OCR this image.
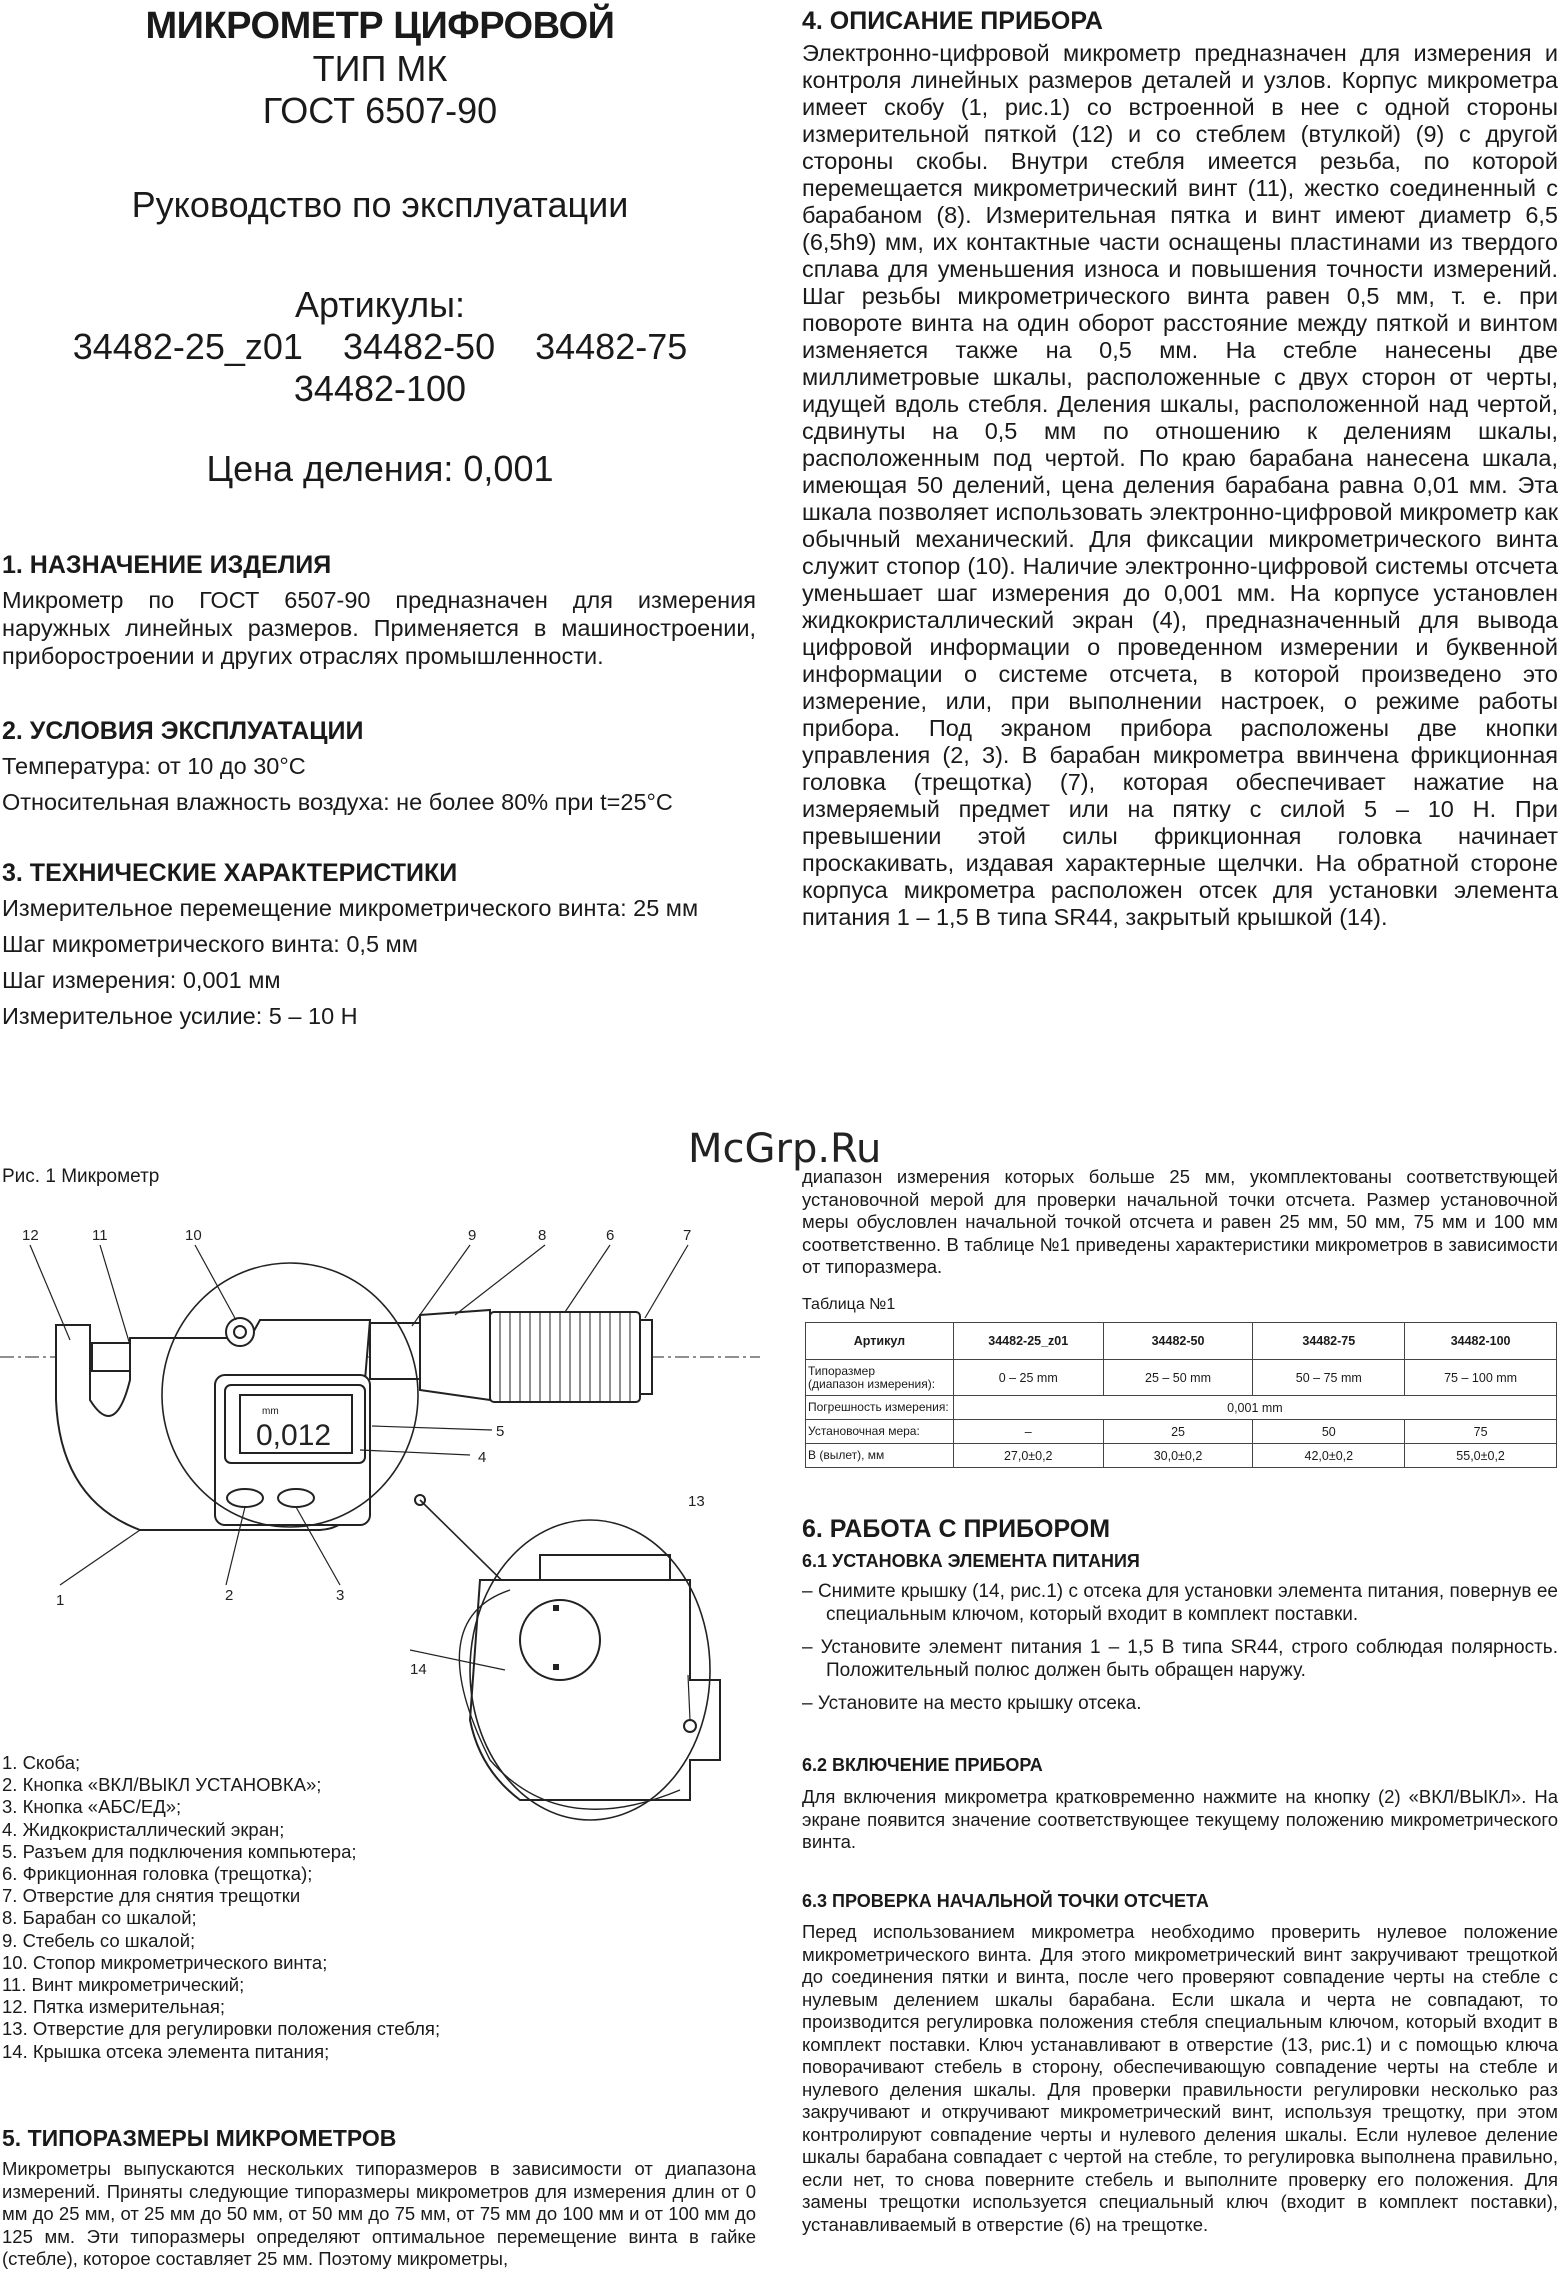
МИКРОМЕТР ЦИФРОВОЙ
ТИП МК
ГОСТ 6507-90
Руководство по эксплуатации
Артикулы:
34482-25_z01    34482-50    34482-75
34482-100
Цена деления: 0,001
1. НАЗНАЧЕНИЕ ИЗДЕЛИЯ
Микрометр по ГОСТ 6507-90 предназначен для измерения наружных линейных размеров. Применяется в машиностроении, приборостроении и других отраслях промышленности.
2. УСЛОВИЯ ЭКСПЛУАТАЦИИ
Температура: от 10 до 30°С
Относительная влажность воздуха: не более 80% при t=25°С
3. ТЕХНИЧЕСКИЕ ХАРАКТЕРИСТИКИ
Измерительное перемещение микрометрического винта: 25 мм
Шаг микрометрического винта: 0,5 мм
Шаг измерения: 0,001 мм
Измерительное усилие: 5 – 10 Н
4. ОПИСАНИЕ ПРИБОРА
Электронно-цифровой микрометр предназначен для измерения и контроля линейных размеров деталей и узлов. Корпус микрометра имеет скобу (1, рис.1) со встроенной в нее с одной стороны измерительной пяткой (12) и со стеблем (втулкой) (9) с другой стороны скобы. Внутри стебля имеется резьба, по которой перемещается микрометрический винт (11), жестко соединенный с барабаном (8). Измерительная пятка и винт имеют диаметр 6,5 (6,5h9) мм, их контактные части оснащены пластинами из твердого сплава для уменьшения износа и повышения точности измерений. Шаг резьбы микрометрического винта равен 0,5 мм, т. е. при повороте винта на один оборот расстояние между пяткой и винтом изменяется также на 0,5 мм. На стебле нанесены две миллиметровые шкалы, расположенные с двух сторон от черты, идущей вдоль стебля. Деления шкалы, расположенной над чертой, сдвинуты на 0,5 мм по отношению к делениям шкалы, расположенным под чертой. По краю барабана нанесена шкала, имеющая 50 делений, цена деления барабана равна 0,01 мм. Эта шкала позволяет использовать электронно-цифровой микрометр как обычный механический. Для фиксации микрометрического винта служит стопор (10). Наличие электронно-цифровой системы отсчета уменьшает шаг измерения до 0,001 мм. На корпусе установлен жидкокристаллический экран (4), предназначенный для вывода цифровой информации о проведенном измерении и буквенной информации о системе отсчета, в которой произведено это измерение, или, при выполнении настроек, о режиме работы прибора. Под экраном прибора расположены две кнопки управления (2, 3). В барабан микрометра ввинчена фрикционная головка (трещотка) (7), которая обеспечивает нажатие на измеряемый предмет или на пятку с силой 5 – 10 Н. При превышении этой силы фрикционная головка начинает проскакивать, издавая характерные щелчки. На обратной стороне корпуса микрометра расположен отсек для установки элемента питания 1 – 1,5 В типа SR44, закрытый крышкой (14).
McGrp.Ru
Рис. 1 Микрометр
12	11	10	9	8	6	7
5
4
13
1	2	3
14
mm
0,012
1. Скоба;
2. Кнопка «ВКЛ/ВЫКЛ УСТАНОВКА»;
3. Кнопка «АБС/ЕД»;
4. Жидкокристаллический экран;
5. Разъем для подключения компьютера;
6. Фрикционная головка (трещотка);
7. Отверстие для снятия трещотки
8. Барабан со шкалой;
9. Стебель со шкалой;
10. Стопор микрометрического винта;
11. Винт микрометрический;
12. Пятка измерительная;
13. Отверстие для регулировки положения стебля;
14. Крышка отсека элемента питания;
5. ТИПОРАЗМЕРЫ МИКРОМЕТРОВ
Микрометры выпускаются нескольких типоразмеров в зависимости от диапазона измерений. Приняты следующие типоразмеры микрометров для измерения длин от 0 мм до 25 мм, от 25 мм до 50 мм, от 50 мм до 75 мм, от 75 мм до 100 мм и от 100 мм до 125 мм. Эти типоразмеры определяют оптимальное перемещение винта в гайке (стебле), которое составляет 25 мм. Поэтому микрометры,
диапазон измерения которых больше 25 мм, укомплектованы соответствующей установочной мерой для проверки начальной точки отсчета. Размер установочной меры обусловлен начальной точкой отсчета и равен 25 мм, 50 мм, 75 мм и 100 мм соответственно. В таблице №1 приведены характеристики микрометров в зависимости от типоразмера.
Таблица №1
Артикул	34482-25_z01	34482-50	34482-75	34482-100

Типоразмер
(диапазон измерения):	0 – 25 mm	25 – 50 mm	50 – 75 mm	75 – 100 mm
Погрешность измерения:	0,001 mm			
Установочная мера:	–	25	50	75
В (вылет), мм	27,0±0,2	30,0±0,2	42,0±0,2	55,0±0,2
6. РАБОТА С ПРИБОРОМ
6.1 УСТАНОВКА ЭЛЕМЕНТА ПИТАНИЯ
– Снимите крышку (14, рис.1) с отсека для установки элемента питания, повернув ее специальным ключом, который входит в комплект поставки.
– Установите элемент питания 1 – 1,5 В типа SR44, строго соблюдая полярность. Положительный полюс должен быть обращен наружу.
– Установите на место крышку отсека.
6.2 ВКЛЮЧЕНИЕ ПРИБОРА
Для включения микрометра кратковременно нажмите на кнопку (2) «ВКЛ/ВЫКЛ». На экране появится значение соответствующее текущему положению микрометрического винта.
6.3 ПРОВЕРКА НАЧАЛЬНОЙ ТОЧКИ ОТСЧЕТА
Перед использованием микрометра необходимо проверить нулевое положение микрометрического винта. Для этого микрометрический винт закручивают трещоткой до соединения пятки и винта, после чего проверяют совпадение черты на стебле с нулевым делением шкалы барабана. Если шкала и черта не совпадают, то производится регулировка положения стебля специальным ключом, который входит в комплект поставки. Ключ устанавливают в отверстие (13, рис.1) и с помощью ключа поворачивают стебель в сторону, обеспечивающую совпадение черты на стебле и нулевого деления шкалы. Для проверки правильности регулировки несколько раз закручивают и откручивают микрометрический винт, используя трещотку, при этом контролируют совпадение черты и нулевого деления шкалы. Если нулевое деление шкалы барабана совпадает с чертой на стебле, то регулировка выполнена правильно, если нет, то снова поверните стебель и выполните проверку его положения. Для замены трещотки используется специальный ключ (входит в комплект поставки), устанавливаемый в отверстие (6) на трещотке.
